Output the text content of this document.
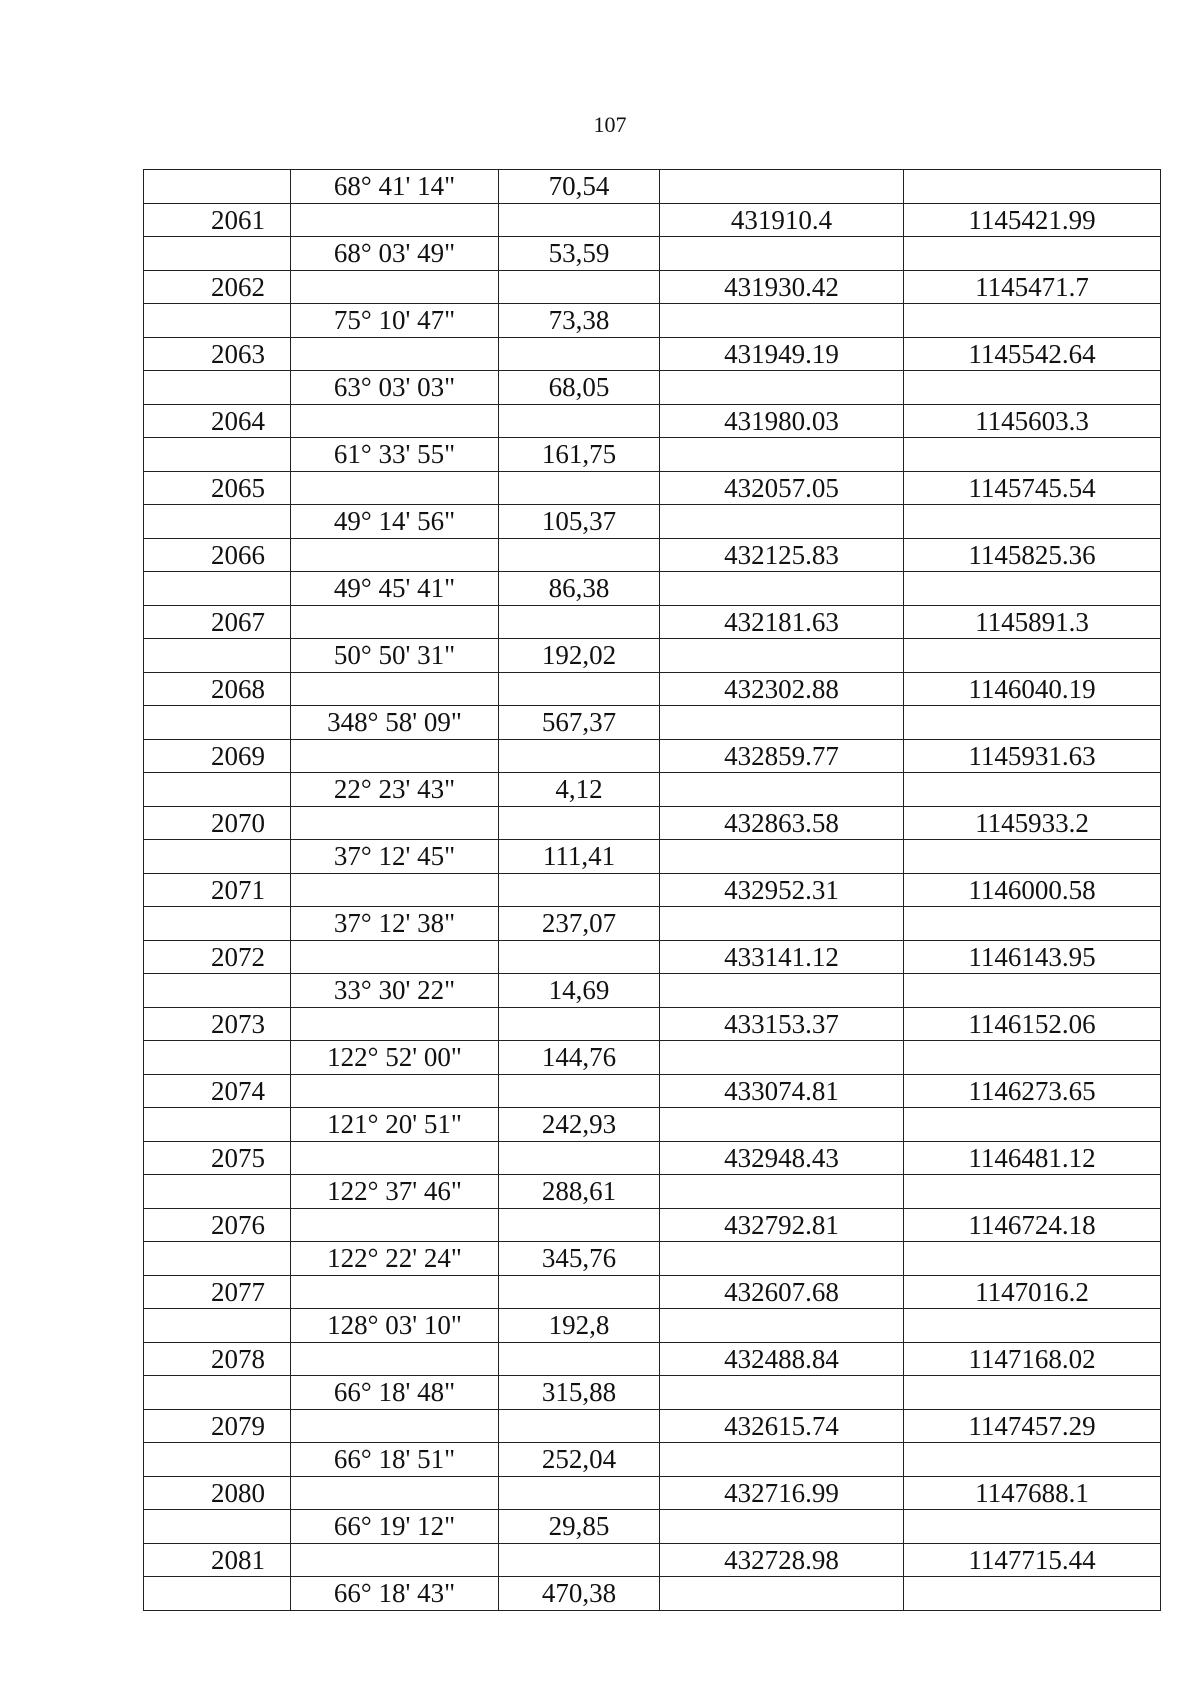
107
	68° 41' 14"	70,54		
2061			431910.4	1145421.99
	68° 03' 49"	53,59		
2062			431930.42	1145471.7
	75° 10' 47"	73,38		
2063			431949.19	1145542.64
	63° 03' 03"	68,05		
2064			431980.03	1145603.3
	61° 33' 55"	161,75		
2065			432057.05	1145745.54
	49° 14' 56"	105,37		
2066			432125.83	1145825.36
	49° 45' 41"	86,38		
2067			432181.63	1145891.3
	50° 50' 31"	192,02		
2068			432302.88	1146040.19
	348° 58' 09"	567,37		
2069			432859.77	1145931.63
	22° 23' 43"	4,12		
2070			432863.58	1145933.2
	37° 12' 45"	111,41		
2071			432952.31	1146000.58
	37° 12' 38"	237,07		
2072			433141.12	1146143.95
	33° 30' 22"	14,69		
2073			433153.37	1146152.06
	122° 52' 00"	144,76		
2074			433074.81	1146273.65
	121° 20' 51"	242,93		
2075			432948.43	1146481.12
	122° 37' 46"	288,61		
2076			432792.81	1146724.18
	122° 22' 24"	345,76		
2077			432607.68	1147016.2
	128° 03' 10"	192,8		
2078			432488.84	1147168.02
	66° 18' 48"	315,88		
2079			432615.74	1147457.29
	66° 18' 51"	252,04		
2080			432716.99	1147688.1
	66° 19' 12"	29,85		
2081			432728.98	1147715.44
	66° 18' 43"	470,38		
